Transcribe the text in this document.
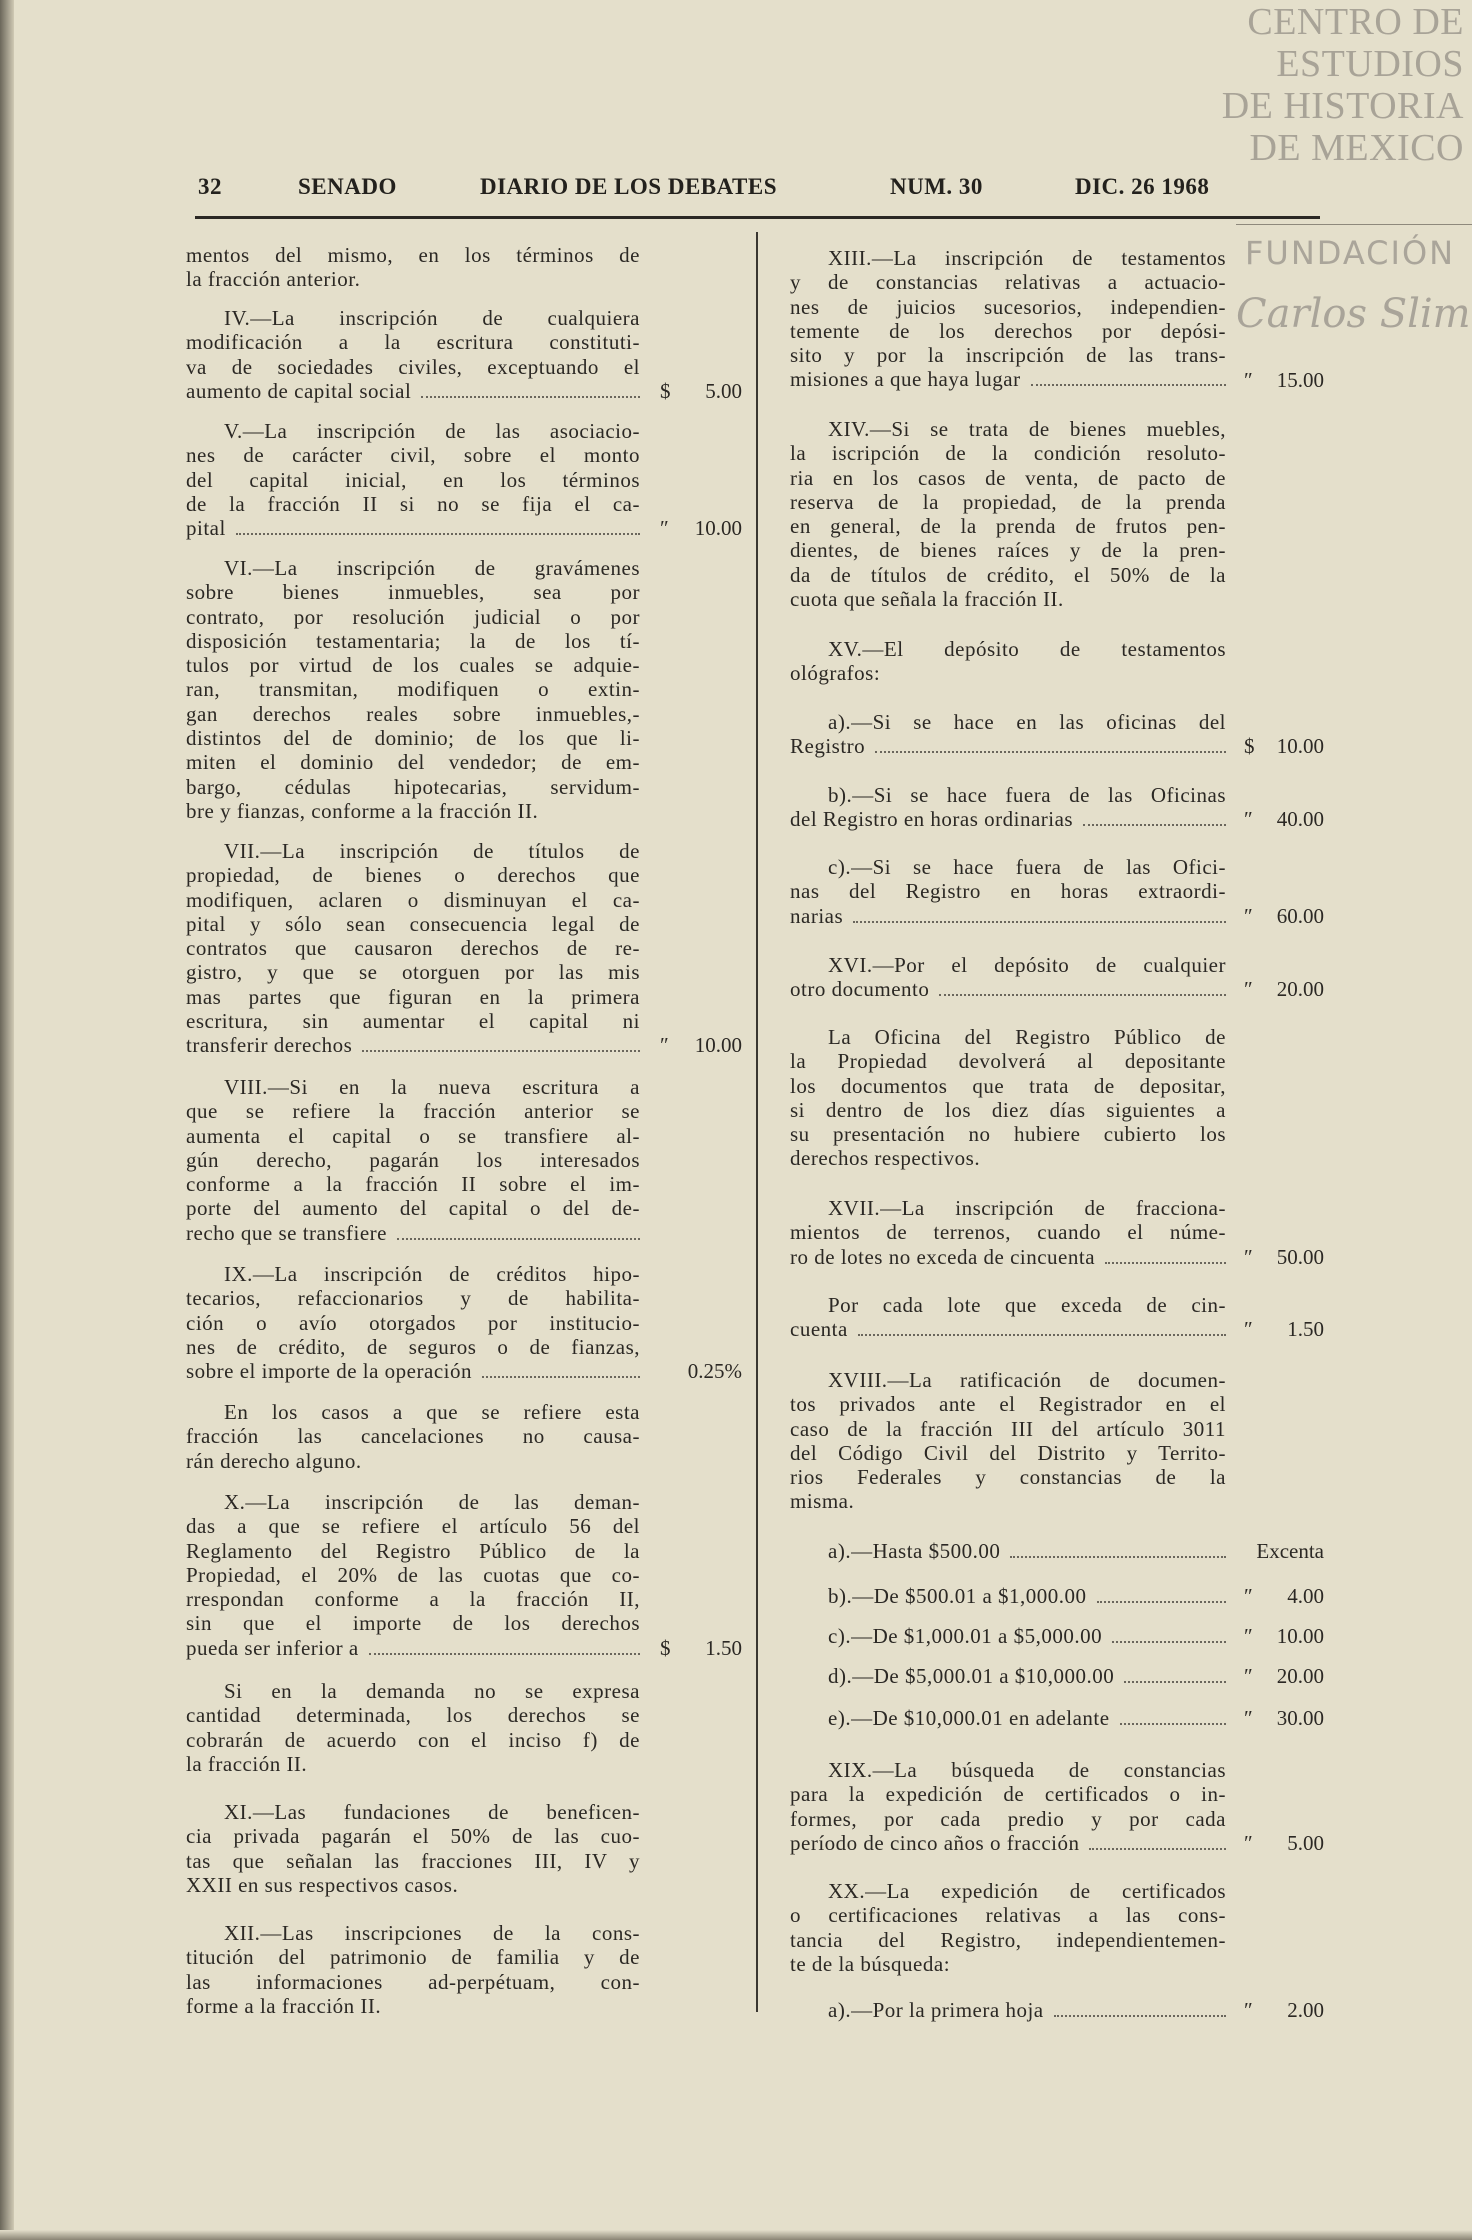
CENTRO DE
ESTUDIOS
DE HISTORIA
DE MEXICO
FUNDACIÓN
Carlos Slim
32	SENADO	DIARIO DE LOS DEBATES	NUM. 30	DIC. 26 1968
mentos del mismo, en los términos de
la fracción anterior.
IV.—La inscripción de cualquiera
modificación a la escritura constituti-
va de sociedades civiles, exceptuando el
aumento de capital social	$ 5.00
V.—La inscripción de las asociacio-
nes de carácter civil, sobre el monto
del capital inicial, en los términos
de la fracción II si no se fija el ca-
pital	″ 10.00
VI.—La inscripción de gravámenes
sobre bienes inmuebles, sea por
contrato, por resolución judicial o por
disposición testamentaria; la de los tí-
tulos por virtud de los cuales se adquie-
ran, transmitan, modifiquen o extin-
gan derechos reales sobre inmuebles,-
distintos del de dominio; de los que li-
miten el dominio del vendedor; de em-
bargo, cédulas hipotecarias, servidum-
bre y fianzas, conforme a la fracción II.
VII.—La inscripción de títulos de
propiedad, de bienes o derechos que
modifiquen, aclaren o disminuyan el ca-
pital y sólo sean consecuencia legal de
contratos que causaron derechos de re-
gistro, y que se otorguen por las mis
mas partes que figuran en la primera
escritura, sin aumentar el capital ni
transferir derechos	″ 10.00
VIII.—Si en la nueva escritura a
que se refiere la fracción anterior se
aumenta el capital o se transfiere al-
gún derecho, pagarán los interesados
conforme a la fracción II sobre el im-
porte del aumento del capital o del de-
recho que se transfiere
IX.—La inscripción de créditos hipo-
tecarios, refaccionarios y de habilita-
ción o avío otorgados por institucio-
nes de crédito, de seguros o de fianzas,
sobre el importe de la operación	0.25%
En los casos a que se refiere esta
fracción las cancelaciones no causa-
rán derecho alguno.
X.—La inscripción de las deman-
das a que se refiere el artículo 56 del
Reglamento del Registro Público de la
Propiedad, el 20% de las cuotas que co-
rrespondan conforme a la fracción II,
sin que el importe de los derechos
pueda ser inferior a	$ 1.50
Si en la demanda no se expresa
cantidad determinada, los derechos se
cobrarán de acuerdo con el inciso f) de
la fracción II.
XI.—Las fundaciones de beneficen-
cia privada pagarán el 50% de las cuo-
tas que señalan las fracciones III, IV y
XXII en sus respectivos casos.
XII.—Las inscripciones de la cons-
titución del patrimonio de familia y de
las informaciones ad-perpétuam, con-
forme a la fracción II.
XIII.—La inscripción de testamentos
y de constancias relativas a actuacio-
nes de juicios sucesorios, independien-
temente de los derechos por depósi-
sito y por la inscripción de las trans-
misiones a que haya lugar	″ 15.00
XIV.—Si se trata de bienes muebles,
la iscripción de la condición resoluto-
ria en los casos de venta, de pacto de
reserva de la propiedad, de la prenda
en general, de la prenda de frutos pen-
dientes, de bienes raíces y de la pren-
da de títulos de crédito, el 50% de la
cuota que señala la fracción II.
XV.—El depósito de testamentos
ológrafos:
a).—Si se hace en las oficinas del
Registro	$ 10.00
b).—Si se hace fuera de las Oficinas
del Registro en horas ordinarias	″ 40.00
c).—Si se hace fuera de las Ofici-
nas del Registro en horas extraordi-
narias	″ 60.00
XVI.—Por el depósito de cualquier
otro documento	″ 20.00
La Oficina del Registro Público de
la Propiedad devolverá al depositante
los documentos que trata de depositar,
si dentro de los diez días siguientes a
su presentación no hubiere cubierto los
derechos respectivos.
XVII.—La inscripción de fracciona-
mientos de terrenos, cuando el núme-
ro de lotes no exceda de cincuenta	″ 50.00
Por cada lote que exceda de cin-
cuenta	″ 1.50
XVIII.—La ratificación de documen-
tos privados ante el Registrador en el
caso de la fracción III del artículo 3011
del Código Civil del Distrito y Territo-
rios Federales y constancias de la
misma.
a).—Hasta $500.00	Excenta
b).—De $500.01 a $1,000.00	″ 4.00
c).—De $1,000.01 a $5,000.00	″ 10.00
d).—De $5,000.01 a $10,000.00	″ 20.00
e).—De $10,000.01 en adelante	″ 30.00
XIX.—La búsqueda de constancias
para la expedición de certificados o in-
formes, por cada predio y por cada
período de cinco años o fracción	″ 5.00
XX.—La expedición de certificados
o certificaciones relativas a las cons-
tancia del Registro, independientemen-
te de la búsqueda:
a).—Por la primera hoja	″ 2.00
